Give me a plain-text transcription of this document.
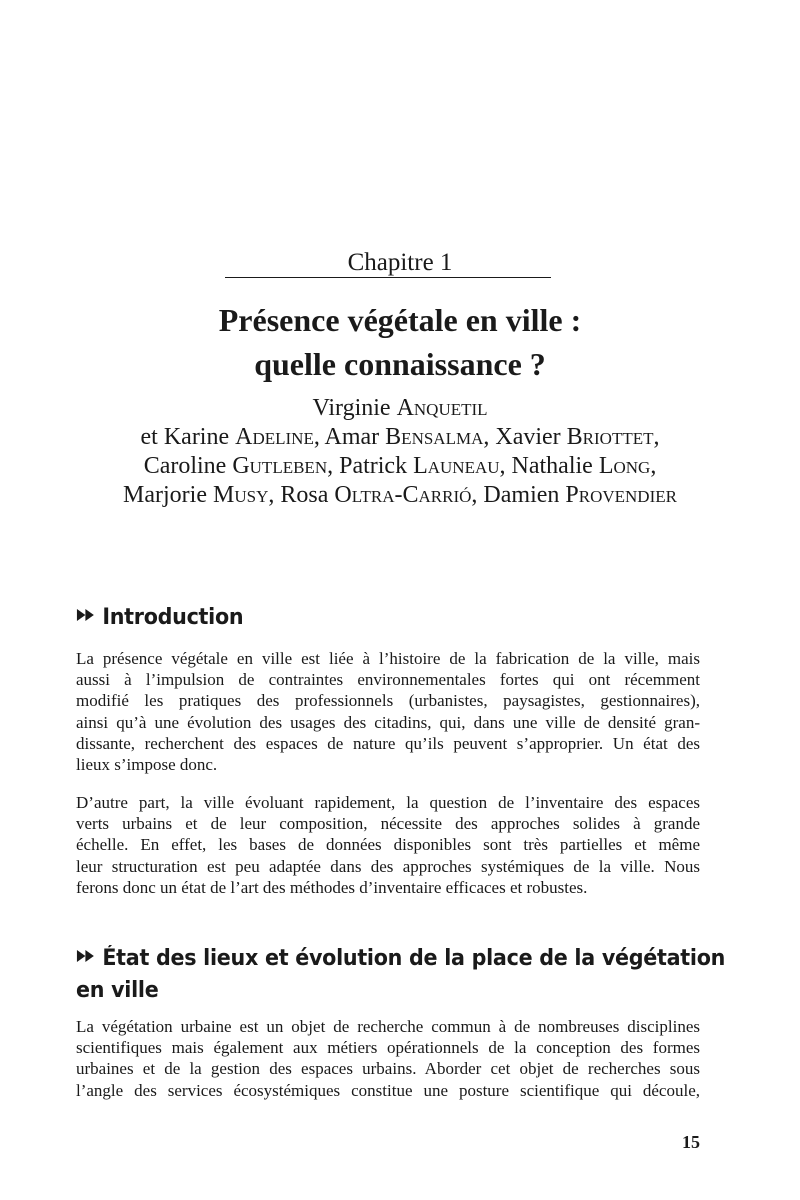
Chapitre 1
Présence végétale en ville :
quelle connaissance ?
Virginie Anquetil
et Karine Adeline, Amar Bensalma, Xavier Briottet,
Caroline Gutleben, Patrick Launeau, Nathalie Long,
Marjorie Musy, Rosa Oltra-Carrió, Damien Provendier
Introduction
La présence végétale en ville est liée à l’histoire de la fabrication de la ville, mais
aussi à l’impulsion de contraintes environnementales fortes qui ont récemment
modifié les pratiques des professionnels (urbanistes, paysagistes, gestionnaires),
ainsi qu’à une évolution des usages des citadins, qui, dans une ville de densité gran-
dissante, recherchent des espaces de nature qu’ils peuvent s’approprier. Un état des
lieux s’impose donc.
D’autre part, la ville évoluant rapidement, la question de l’inventaire des espaces
verts urbains et de leur composition, nécessite des approches solides à grande
échelle. En effet, les bases de données disponibles sont très partielles et même
leur structuration est peu adaptée dans des approches systémiques de la ville. Nous
ferons donc un état de l’art des méthodes d’inventaire efficaces et robustes.
État des lieux et évolution de la place de la végétation
en ville
La végétation urbaine est un objet de recherche commun à de nombreuses disciplines
scientifiques mais également aux métiers opérationnels de la conception des formes
urbaines et de la gestion des espaces urbains. Aborder cet objet de recherches sous
l’angle des services écosystémiques constitue une posture scientifique qui découle,
15
